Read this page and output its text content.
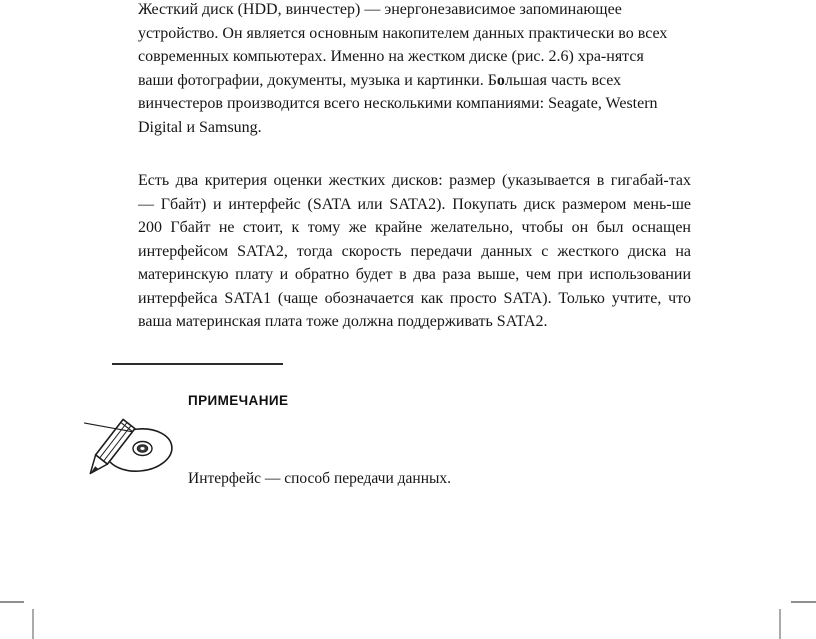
Жесткий диск (HDD, винчестер) — энергонезависимое запоминающее
устройство. Он является основным накопителем данных практически во всех
современных компьютерах. Именно на жестком диске (рис. 2.6) хра-нятся
ваши фотографии, документы, музыка и картинки. Большая часть всех
винчестеров производится всего несколькими компаниями: Seagate, Western
Digital и Samsung.
Есть два критерия оценки жестких дисков: размер (указывается в гигабай-тах
— Гбайт) и интерфейс (SATA или SATA2). Покупать диск размером мень-ше
200 Гбайт не стоит, к тому же крайне желательно, чтобы он был оснащен
интерфейсом SATA2, тогда скорость передачи данных с жесткого диска на
материнскую плату и обратно будет в два раза выше, чем при использовании
интерфейса SATA1 (чаще обозначается как просто SATA). Только учтите, что
ваша материнская плата тоже должна поддерживать SATA2.
ПРИМЕЧАНИЕ
Интерфейс — способ передачи данных.
